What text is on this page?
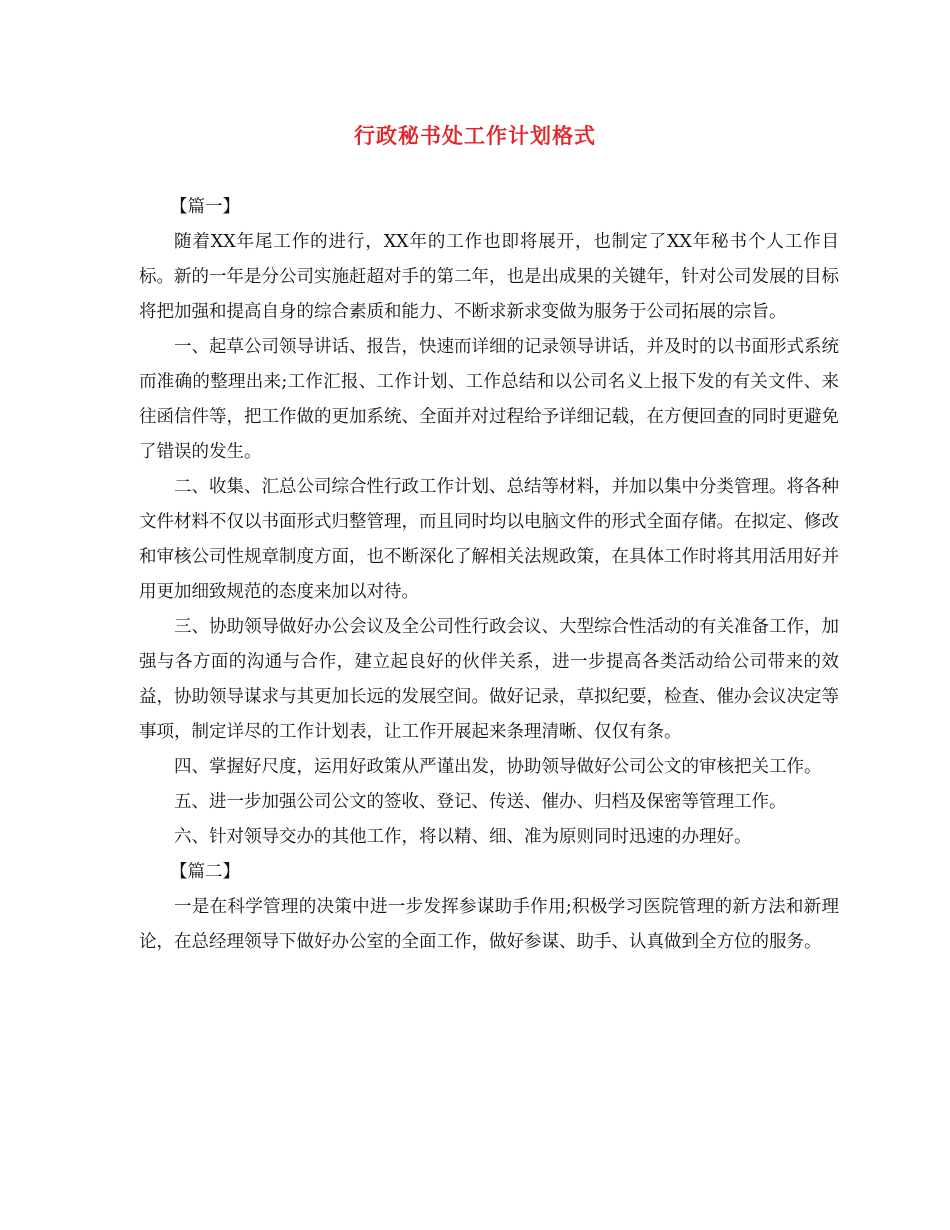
行政秘书处工作计划格式

【篇一】

随着XX年尾工作的进行，XX年的工作也即将展开，也制定了XX年秘书个人工作目标。新的一年是分公司实施赶超对手的第二年，也是出成果的关键年，针对公司发展的目标将把加强和提高自身的综合素质和能力、不断求新求变做为服务于公司拓展的宗旨。

一、起草公司领导讲话、报告，快速而详细的记录领导讲话，并及时的以书面形式系统而准确的整理出来;工作汇报、工作计划、工作总结和以公司名义上报下发的有关文件、来往函信件等，把工作做的更加系统、全面并对过程给予详细记载，在方便回查的同时更避免了错误的发生。

二、收集、汇总公司综合性行政工作计划、总结等材料，并加以集中分类管理。将各种文件材料不仅以书面形式归整管理，而且同时均以电脑文件的形式全面存储。在拟定、修改和审核公司性规章制度方面，也不断深化了解相关法规政策，在具体工作时将其用活用好并用更加细致规范的态度来加以对待。

三、协助领导做好办公会议及全公司性行政会议、大型综合性活动的有关准备工作，加强与各方面的沟通与合作，建立起良好的伙伴关系，进一步提高各类活动给公司带来的效益，协助领导谋求与其更加长远的发展空间。做好记录，草拟纪要，检查、催办会议决定等事项，制定详尽的工作计划表，让工作开展起来条理清晰、仅仅有条。

四、掌握好尺度，运用好政策从严谨出发，协助领导做好公司公文的审核把关工作。

五、进一步加强公司公文的签收、登记、传送、催办、归档及保密等管理工作。

六、针对领导交办的其他工作，将以精、细、准为原则同时迅速的办理好。

【篇二】

一是在科学管理的决策中进一步发挥参谋助手作用;积极学习医院管理的新方法和新理论，在总经理领导下做好办公室的全面工作，做好参谋、助手、认真做到全方位的服务。
